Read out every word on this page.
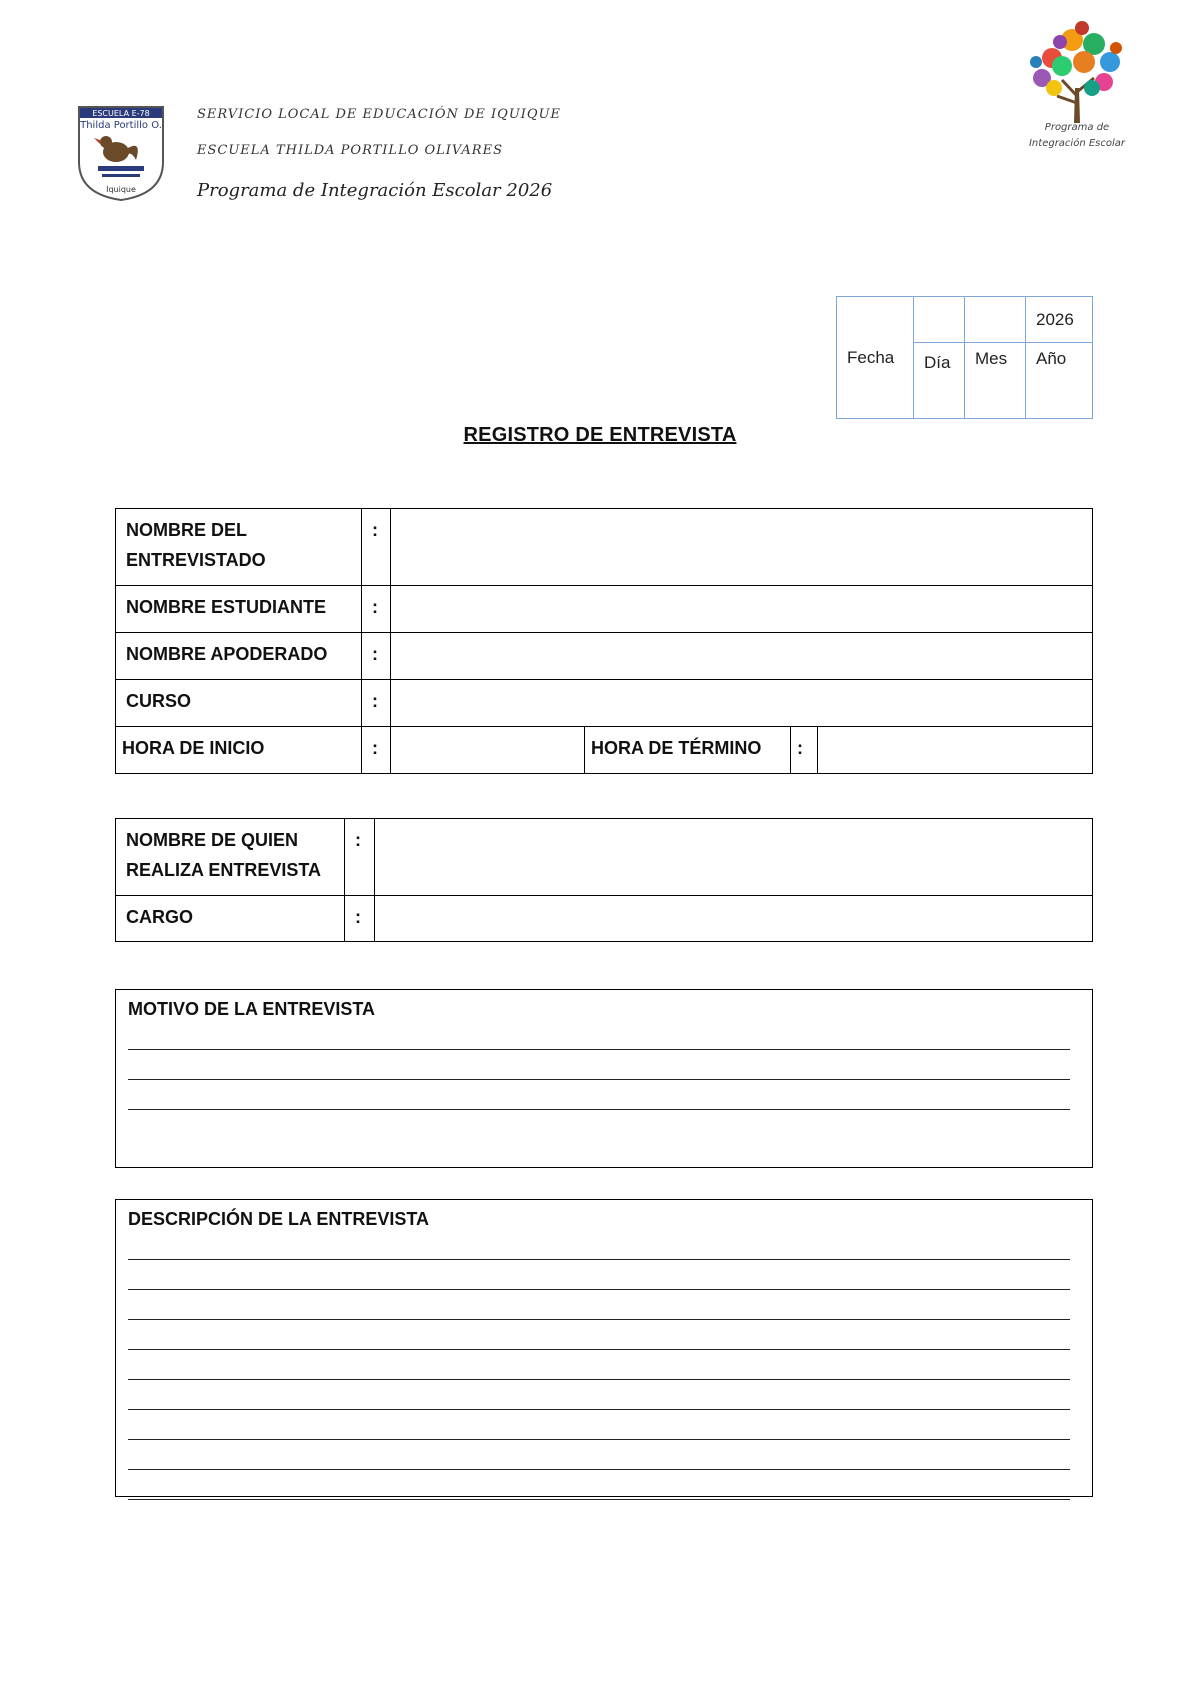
ESCUELA E-78
Thilda Portillo O.
Iquique
SERVICIO LOCAL DE EDUCACIÓN DE IQUIQUE
ESCUELA THILDA PORTILLO OLIVARES
Programa de Integración Escolar 2026
Programa de
Integración Escolar
Fecha			2026
	Día	Mes	Año
REGISTRO DE ENTREVISTA
NOMBRE DEL ENTREVISTADO	:				
NOMBRE ESTUDIANTE	:				
NOMBRE APODERADO	:				
CURSO	:				
HORA DE INICIO	:		HORA DE TÉRMINO	:	
NOMBRE DE QUIEN REALIZA ENTREVISTA	:	
CARGO	:	
MOTIVO DE LA ENTREVISTA
DESCRIPCIÓN DE LA ENTREVISTA
